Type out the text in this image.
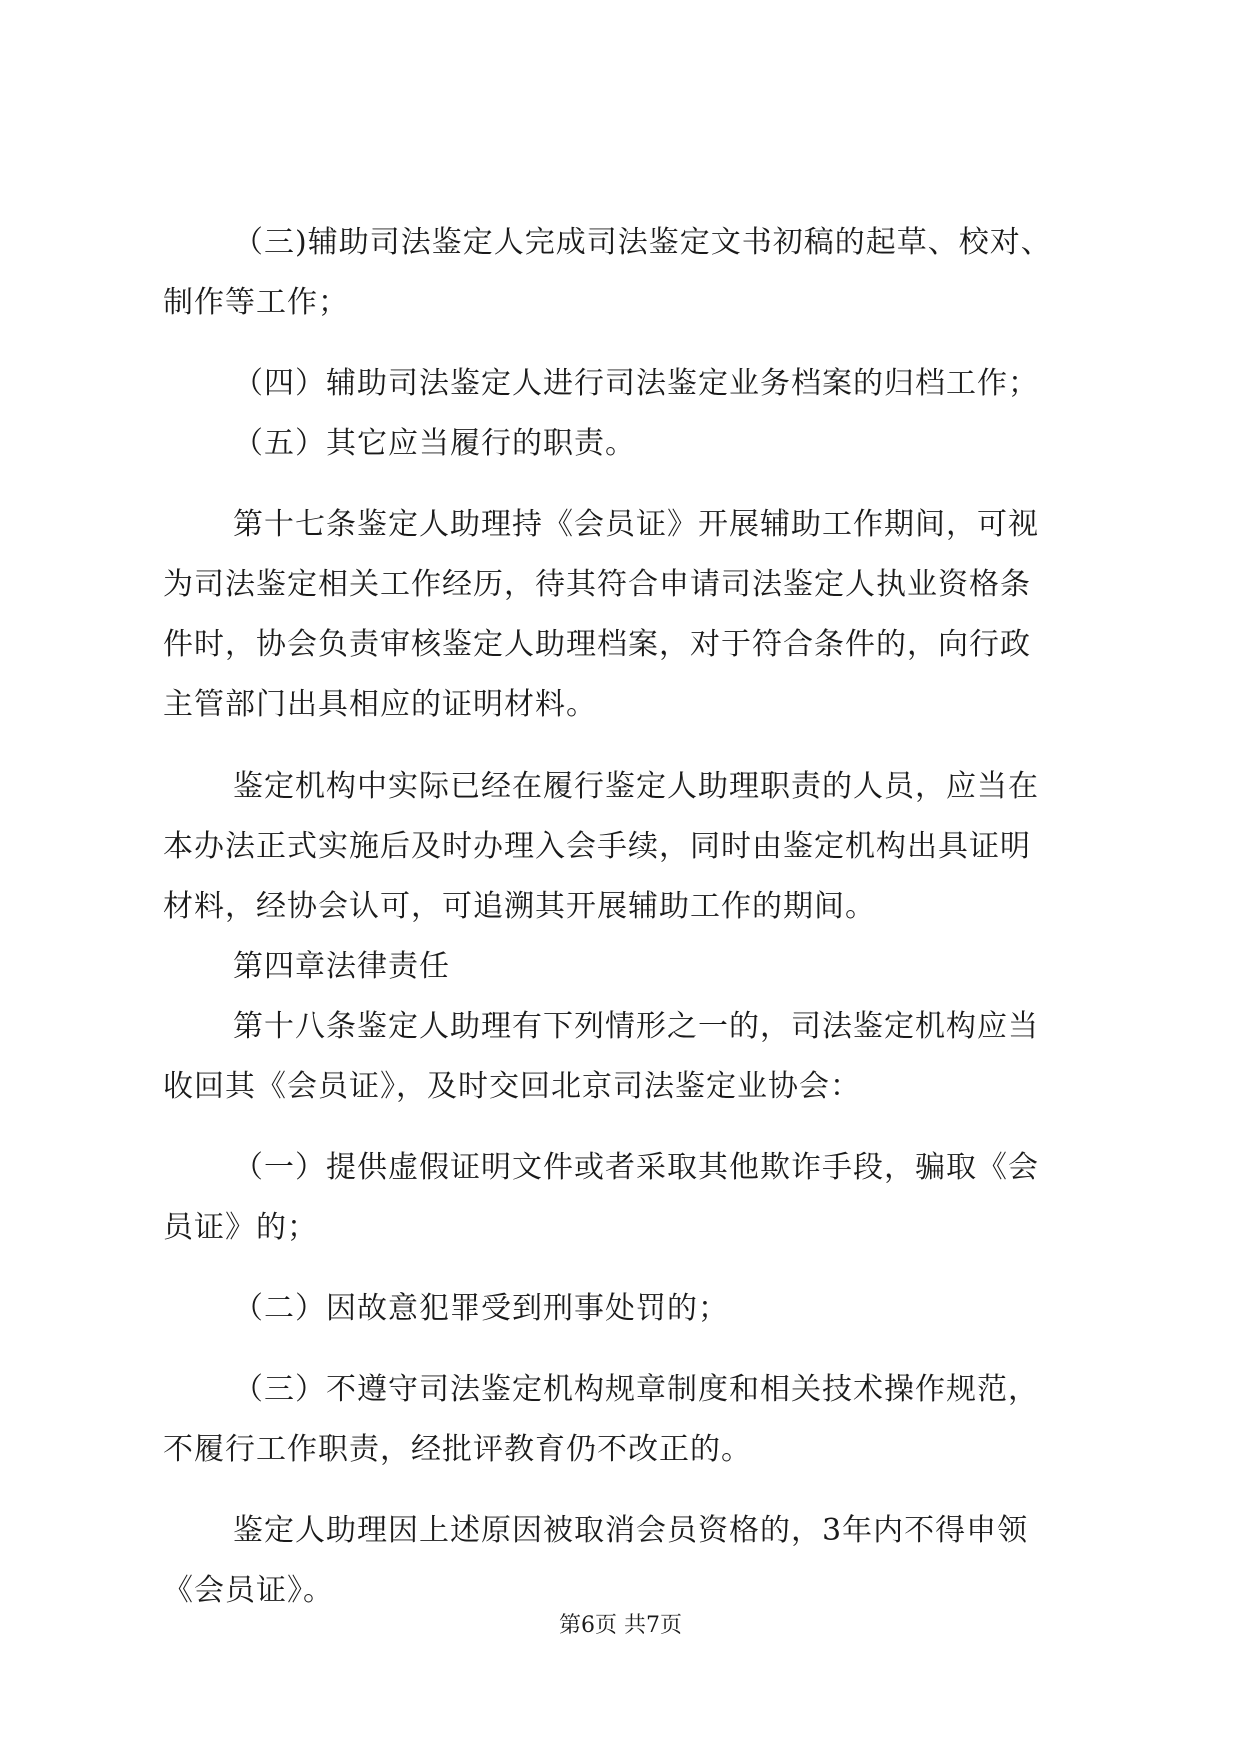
（三)辅助司法鉴定人完成司法鉴定文书初稿的起草、校对、
制作等工作；
（四）辅助司法鉴定人进行司法鉴定业务档案的归档工作；
（五）其它应当履行的职责。
第十七条鉴定人助理持《会员证》开展辅助工作期间，可视
为司法鉴定相关工作经历，待其符合申请司法鉴定人执业资格条
件时，协会负责审核鉴定人助理档案，对于符合条件的，向行政
主管部门出具相应的证明材料。
鉴定机构中实际已经在履行鉴定人助理职责的人员，应当在
本办法正式实施后及时办理入会手续，同时由鉴定机构出具证明
材料，经协会认可，可追溯其开展辅助工作的期间。
第四章法律责任
第十八条鉴定人助理有下列情形之一的，司法鉴定机构应当
收回其《会员证》，及时交回北京司法鉴定业协会：
（一）提供虚假证明文件或者采取其他欺诈手段，骗取《会
员证》的；
（二）因故意犯罪受到刑事处罚的；
（三）不遵守司法鉴定机构规章制度和相关技术操作规范，
不履行工作职责，经批评教育仍不改正的。
鉴定人助理因上述原因被取消会员资格的，3年内不得申领
《会员证》。
第6页 共7页
